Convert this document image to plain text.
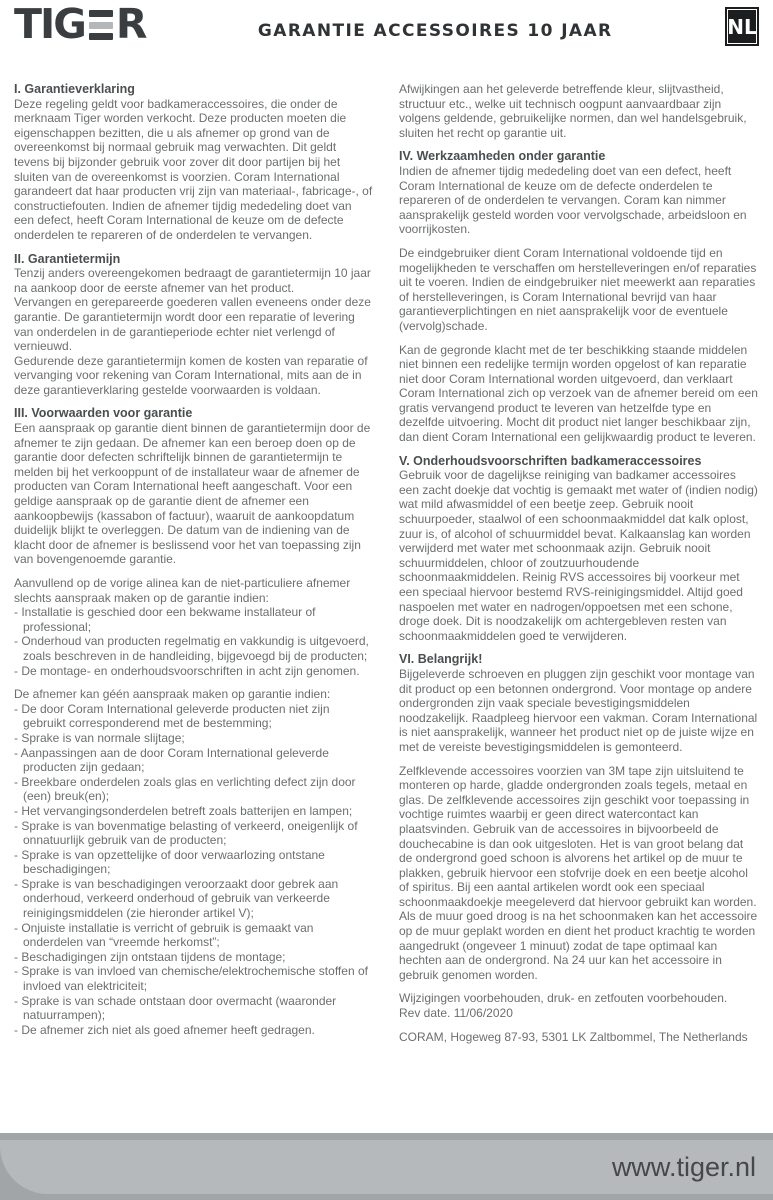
TIG R	GARANTIE ACCESSOIRES 10 JAAR	NL
I. Garantieverklaring

Deze regeling geldt voor badkameraccessoires, die onder de merknaam Tiger worden verkocht. Deze producten moeten die eigenschappen bezitten, die u als afnemer op grond van de overeenkomst bij normaal gebruik mag verwachten. Dit geldt tevens bij bijzonder gebruik voor zover dit door partijen bij het sluiten van de overeenkomst is voorzien. Coram International garandeert dat haar producten vrij zijn van materiaal-, fabricage-, of constructiefouten. Indien de afnemer tijdig mededeling doet van een defect, heeft Coram International de keuze om de defecte onderdelen te repareren of de onderdelen te vervangen.

II. Garantietermijn

Tenzij anders overeengekomen bedraagt de garantietermijn 10 jaar na aankoop door de eerste afnemer van het product.

Vervangen en gerepareerde goederen vallen eveneens onder deze garantie. De garantietermijn wordt door een reparatie of levering van onderdelen in de garantieperiode echter niet verlengd of vernieuwd.

Gedurende deze garantietermijn komen de kosten van reparatie of vervanging voor rekening van Coram International, mits aan de in deze garantieverklaring gestelde voorwaarden is voldaan.

III. Voorwaarden voor garantie

Een aanspraak op garantie dient binnen de garantietermijn door de afnemer te zijn gedaan. De afnemer kan een beroep doen op de garantie door defecten schriftelijk binnen de garantietermijn te melden bij het verkooppunt of de installateur waar de afnemer de producten van Coram International heeft aangeschaft. Voor een geldige aanspraak op de garantie dient de afnemer een aankoopbewijs (kassabon of factuur), waaruit de aankoopdatum duidelijk blijkt te overleggen. De datum van de indiening van de klacht door de afnemer is beslissend voor het van toepassing zijn van bovengenoemde garantie.

Aanvullend op de vorige alinea kan de niet-particuliere afnemer slechts aanspraak maken op de garantie indien:

- Installatie is geschied door een bekwame installateur of professional;
- Onderhoud van producten regelmatig en vakkundig is uitgevoerd, zoals beschreven in de handleiding, bijgevoegd bij de producten;
- De montage- en onderhoudsvoorschriften in acht zijn genomen.

De afnemer kan géén aanspraak maken op garantie indien:

- De door Coram International geleverde producten niet zijn gebruikt corresponderend met de bestemming;
- Sprake is van normale slijtage;
- Aanpassingen aan de door Coram International geleverde producten zijn gedaan;
- Breekbare onderdelen zoals glas en verlichting defect zijn door (een) breuk(en);
- Het vervangingsonderdelen betreft zoals batterijen en lampen;
- Sprake is van bovenmatige belasting of verkeerd, oneigenlijk of onnatuurlijk gebruik van de producten;
- Sprake is van opzettelijke of door verwaarlozing ontstane beschadigingen;
- Sprake is van beschadigingen veroorzaakt door gebrek aan onderhoud, verkeerd onderhoud of gebruik van verkeerde reinigingsmiddelen (zie hieronder artikel V);
- Onjuiste installatie is verricht of gebruik is gemaakt van onderdelen van “vreemde herkomst”;
- Beschadigingen zijn ontstaan tijdens de montage;
- Sprake is van invloed van chemische/elektrochemische stoffen of invloed van elektriciteit;
- Sprake is van schade ontstaan door overmacht (waaronder natuurrampen);
- De afnemer zich niet als goed afnemer heeft gedragen.

Afwijkingen aan het geleverde betreffende kleur, slijtvastheid, structuur etc., welke uit technisch oogpunt aanvaardbaar zijn volgens geldende, gebruikelijke normen, dan wel handelsgebruik, sluiten het recht op garantie uit.

IV. Werkzaamheden onder garantie

Indien de afnemer tijdig mededeling doet van een defect, heeft Coram International de keuze om de defecte onderdelen te repareren of de onderdelen te vervangen. Coram kan nimmer aansprakelijk gesteld worden voor vervolgschade, arbeidsloon en voorrijkosten.

De eindgebruiker dient Coram International voldoende tijd en mogelijkheden te verschaffen om herstelleveringen en/of reparaties uit te voeren. Indien de eindgebruiker niet meewerkt aan reparaties of herstelleveringen, is Coram International bevrijd van haar garantieverplichtingen en niet aansprakelijk voor de eventuele (vervolg)schade.

Kan de gegronde klacht met de ter beschikking staande middelen niet binnen een redelijke termijn worden opgelost of kan reparatie niet door Coram International worden uitgevoerd, dan verklaart Coram International zich op verzoek van de afnemer bereid om een gratis vervangend product te leveren van hetzelfde type en dezelfde uitvoering. Mocht dit product niet langer beschikbaar zijn, dan dient Coram International een gelijkwaardig product te leveren.

V. Onderhoudsvoorschriften badkameraccessoires

Gebruik voor de dagelijkse reiniging van badkamer accessoires een zacht doekje dat vochtig is gemaakt met water of (indien nodig) wat mild afwasmiddel of een beetje zeep. Gebruik nooit schuurpoeder, staalwol of een schoonmaakmiddel dat kalk oplost, zuur is, of alcohol of schuurmiddel bevat. Kalkaanslag kan worden verwijderd met water met schoonmaak azijn. Gebruik nooit schuurmiddelen, chloor of zoutzuurhoudende schoonmaakmiddelen. Reinig RVS accessoires bij voorkeur met een speciaal hiervoor bestemd RVS-reinigingsmiddel. Altijd goed naspoelen met water en nadrogen/oppoetsen met een schone, droge doek. Dit is noodzakelijk om achtergebleven resten van schoonmaakmiddelen goed te verwijderen.

VI. Belangrijk!

Bijgeleverde schroeven en pluggen zijn geschikt voor montage van dit product op een betonnen ondergrond. Voor montage op andere ondergronden zijn vaak speciale bevestigingsmiddelen noodzakelijk. Raadpleeg hiervoor een vakman. Coram International is niet aansprakelijk, wanneer het product niet op de juiste wijze en met de vereiste bevestigingsmiddelen is gemonteerd.

Zelfklevende accessoires voorzien van 3M tape zijn uitsluitend te monteren op harde, gladde ondergronden zoals tegels, metaal en glas. De zelfklevende accessoires zijn geschikt voor toepassing in vochtige ruimtes waarbij er geen direct watercontact kan plaatsvinden. Gebruik van de accessoires in bijvoorbeeld de douchecabine is dan ook uitgesloten. Het is van groot belang dat de ondergrond goed schoon is alvorens het artikel op de muur te plakken, gebruik hiervoor een stofvrije doek en een beetje alcohol of spiritus. Bij een aantal artikelen wordt ook een speciaal schoonmaakdoekje meegeleverd dat hiervoor gebruikt kan worden. Als de muur goed droog is na het schoonmaken kan het accessoire op de muur geplakt worden en dient het product krachtig te worden aangedrukt (ongeveer 1 minuut) zodat de tape optimaal kan hechten aan de ondergrond. Na 24 uur kan het accessoire in gebruik genomen worden.

Wijzigingen voorbehouden, druk- en zetfouten voorbehouden.

Rev date. 11/06/2020

CORAM, Hogeweg 87-93, 5301 LK Zaltbommel, The Netherlands

www.tiger.nl
